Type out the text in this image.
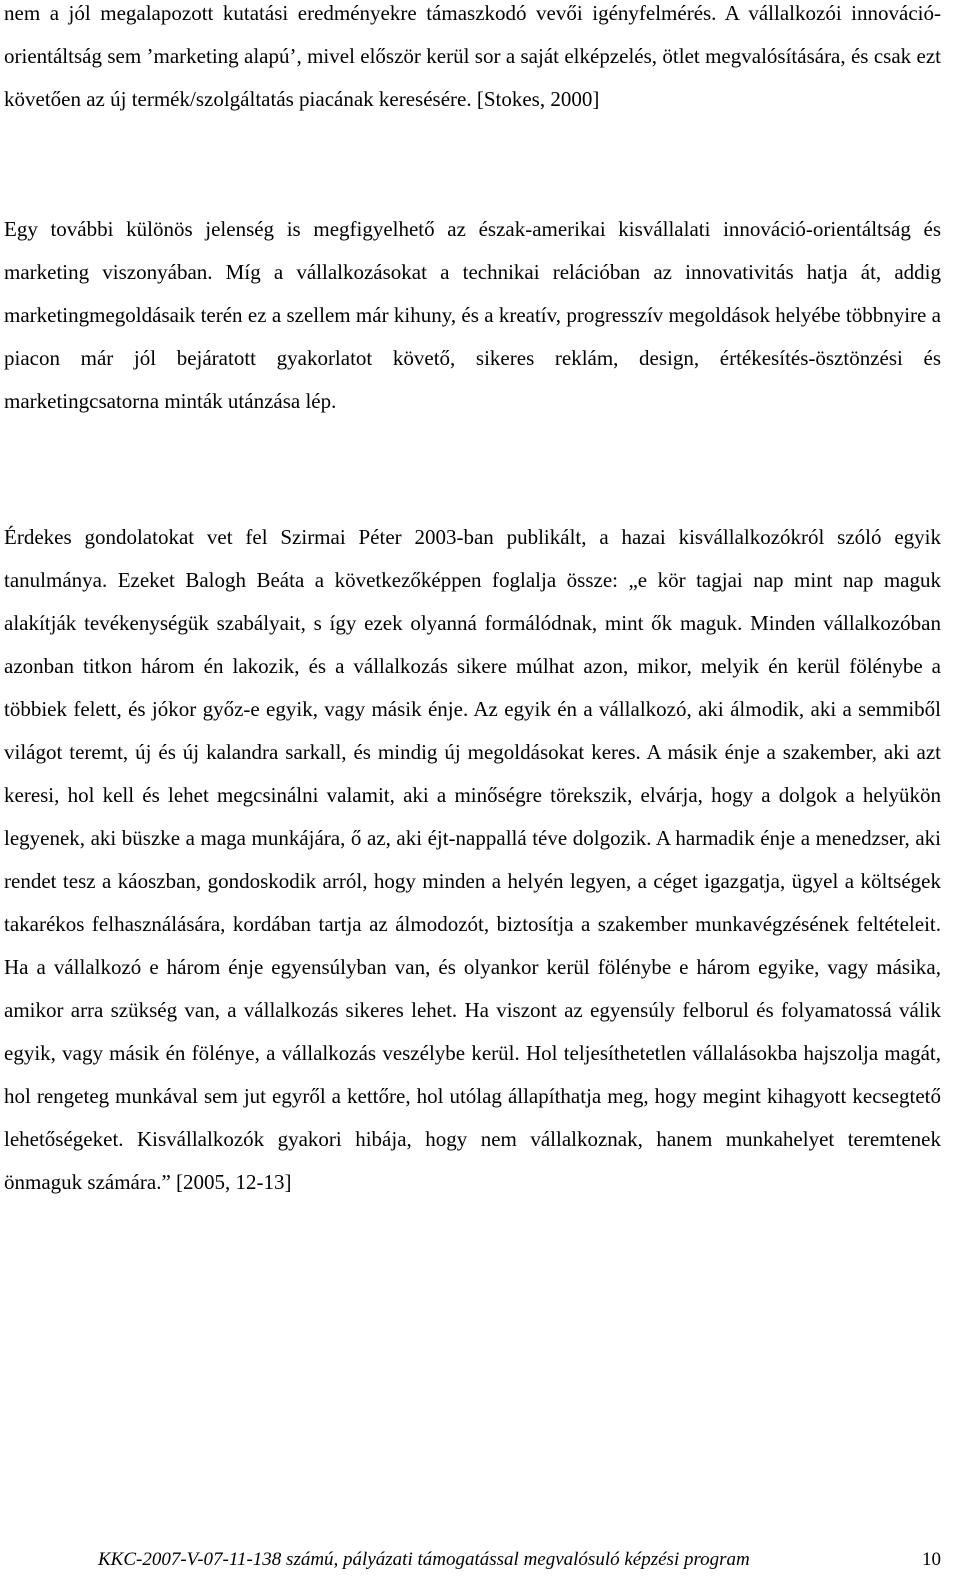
nem a jól megalapozott kutatási eredményekre támaszkodó vevői igényfelmérés. A vállalkozói innováció-orientáltság sem ’marketing alapú’, mivel először kerül sor a saját elképzelés, ötlet megvalósítására, és csak ezt követően az új termék/szolgáltatás piacának keresésére. [Stokes, 2000]

Egy további különös jelenség is megfigyelhető az észak-amerikai kisvállalati innováció-orientáltság és marketing viszonyában. Míg a vállalkozásokat a technikai relációban az innovativitás hatja át, addig marketingmegoldásaik terén ez a szellem már kihuny, és a kreatív, progresszív megoldások helyébe többnyire a piacon már jól bejáratott gyakorlatot követő, sikeres reklám, design, értékesítés-ösztönzési és marketingcsatorna minták utánzása lép.

Érdekes gondolatokat vet fel Szirmai Péter 2003-ban publikált, a hazai kisvállalkozókról szóló egyik tanulmánya. Ezeket Balogh Beáta a következőképpen foglalja össze: „e kör tagjai nap mint nap maguk alakítják tevékenységük szabályait, s így ezek olyanná formálódnak, mint ők maguk. Minden vállalkozóban azonban titkon három én lakozik, és a vállalkozás sikere múlhat azon, mikor, melyik én kerül fölénybe a többiek felett, és jókor győz-e egyik, vagy másik énje. Az egyik én a vállalkozó, aki álmodik, aki a semmiből világot teremt, új és új kalandra sarkall, és mindig új megoldásokat keres. A másik énje a szakember, aki azt keresi, hol kell és lehet megcsinálni valamit, aki a minőségre törekszik, elvárja, hogy a dolgok a helyükön legyenek, aki büszke a maga munkájára, ő az, aki éjt-nappallá téve dolgozik. A harmadik énje a menedzser, aki rendet tesz a káoszban, gondoskodik arról, hogy minden a helyén legyen, a céget igazgatja, ügyel a költségek takarékos felhasználására, kordában tartja az álmodozót, biztosítja a szakember munkavégzésének feltételeit. Ha a vállalkozó e három énje egyensúlyban van, és olyankor kerül fölénybe e három egyike, vagy másika, amikor arra szükség van, a vállalkozás sikeres lehet. Ha viszont az egyensúly felborul és folyamatossá válik egyik, vagy másik én fölénye, a vállalkozás veszélybe kerül. Hol teljesíthetetlen vállalásokba hajszolja magát, hol rengeteg munkával sem jut egyről a kettőre, hol utólag állapíthatja meg, hogy megint kihagyott kecsegtető lehetőségeket. Kisvállalkozók gyakori hibája, hogy nem vállalkoznak, hanem munkahelyet teremtenek önmaguk számára.” [2005, 12-13]

KKC-2007-V-07-11-138 számú, pályázati támogatással megvalósuló képzési program	10
